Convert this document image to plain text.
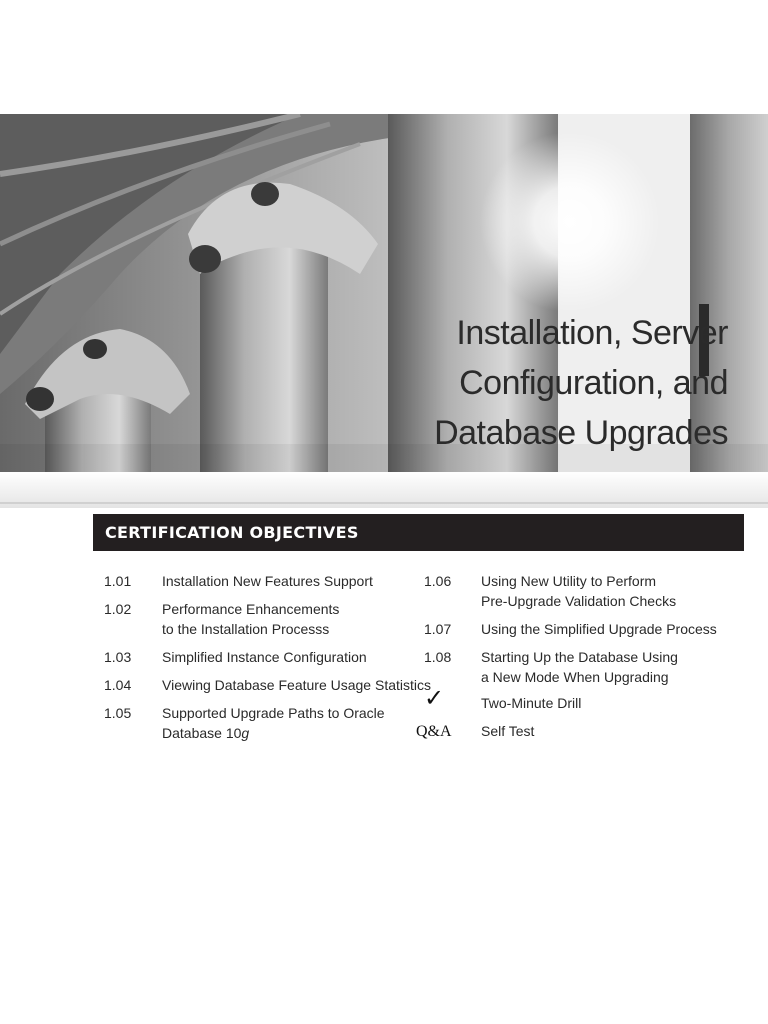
Installation, Server
Configuration, and
Database Upgrades
CERTIFICATION OBJECTIVES
1.01 Installation New Features Support
1.02 Performance Enhancements
to the Installation Processs
1.03 Simplified Instance Configuration
1.04 Viewing Database Feature Usage Statistics
1.05 Supported Upgrade Paths to Oracle
Database 10g
1.06 Using New Utility to Perform
Pre-Upgrade Validation Checks
1.07 Using the Simplified Upgrade Process
1.08 Starting Up the Database Using
a New Mode When Upgrading
✓	Two-Minute Drill
Q&A Self Test
